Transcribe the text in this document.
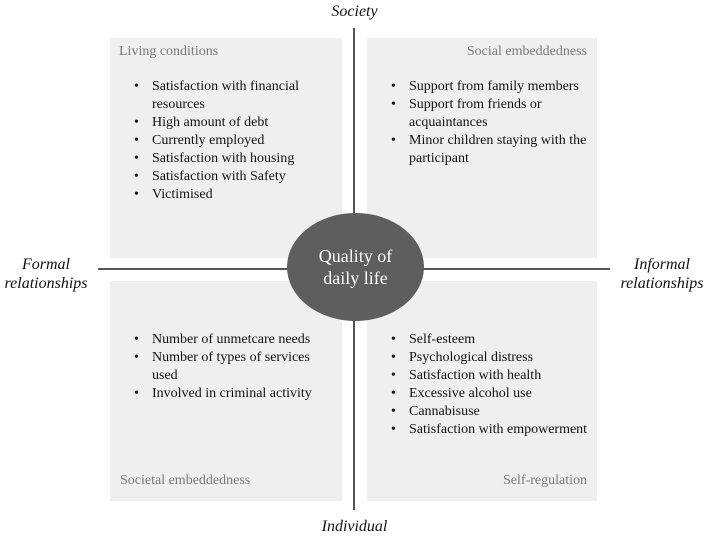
Society
Individual
Formal
relationships
Informal
relationships
Living conditions
• Satisfaction with financial resources
• High amount of debt
• Currently employed
• Satisfaction with housing
• Satisfaction with Safety
• Victimised
Social embeddedness
• Support from family members
• Support from friends or acquaintances
• Minor children staying with the participant
• Number of unmetcare needs
• Number of types of services used
• Involved in criminal activity
Societal embeddedness
• Self-esteem
• Psychological distress
• Satisfaction with health
• Excessive alcohol use
• Cannabisuse
• Satisfaction with empowerment
Self-regulation
Quality of
daily life
